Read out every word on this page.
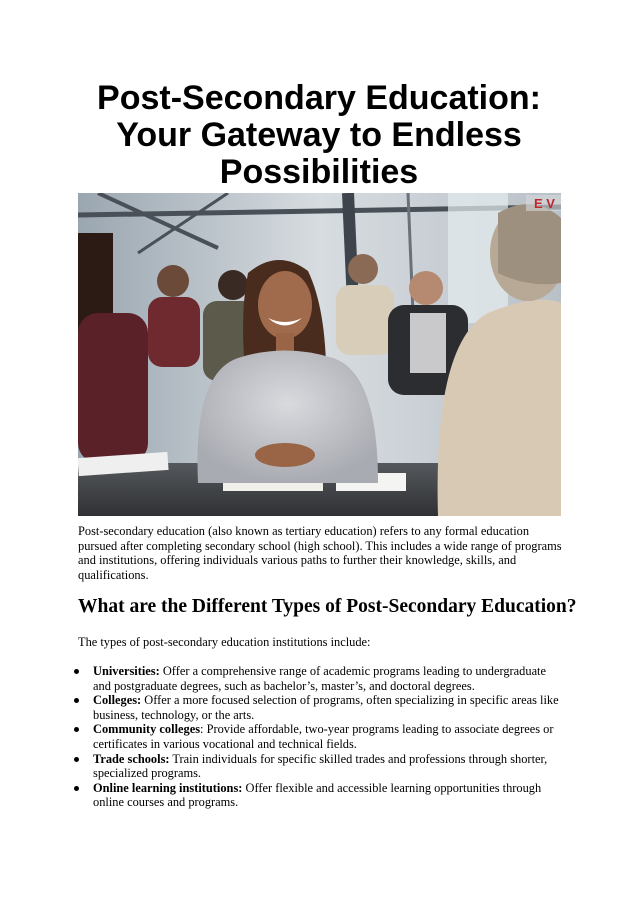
Post-Secondary Education:
Your Gateway to Endless
Possibilities
E V

Post-secondary education (also known as tertiary education) refers to any formal education
pursued after completing secondary school (high school). This includes a wide range of programs
and institutions, offering individuals various paths to further their knowledge, skills, and
qualifications.

What are the Different Types of Post-Secondary Education?

The types of post-secondary education institutions include:

Universities: Offer a comprehensive range of academic programs leading to undergraduate
and postgraduate degrees, such as bachelor’s, master’s, and doctoral degrees.
Colleges: Offer a more focused selection of programs, often specializing in specific areas like
business, technology, or the arts.
Community colleges: Provide affordable, two-year programs leading to associate degrees or
certificates in various vocational and technical fields.
Trade schools: Train individuals for specific skilled trades and professions through shorter,
specialized programs.
Online learning institutions: Offer flexible and accessible learning opportunities through
online courses and programs.
